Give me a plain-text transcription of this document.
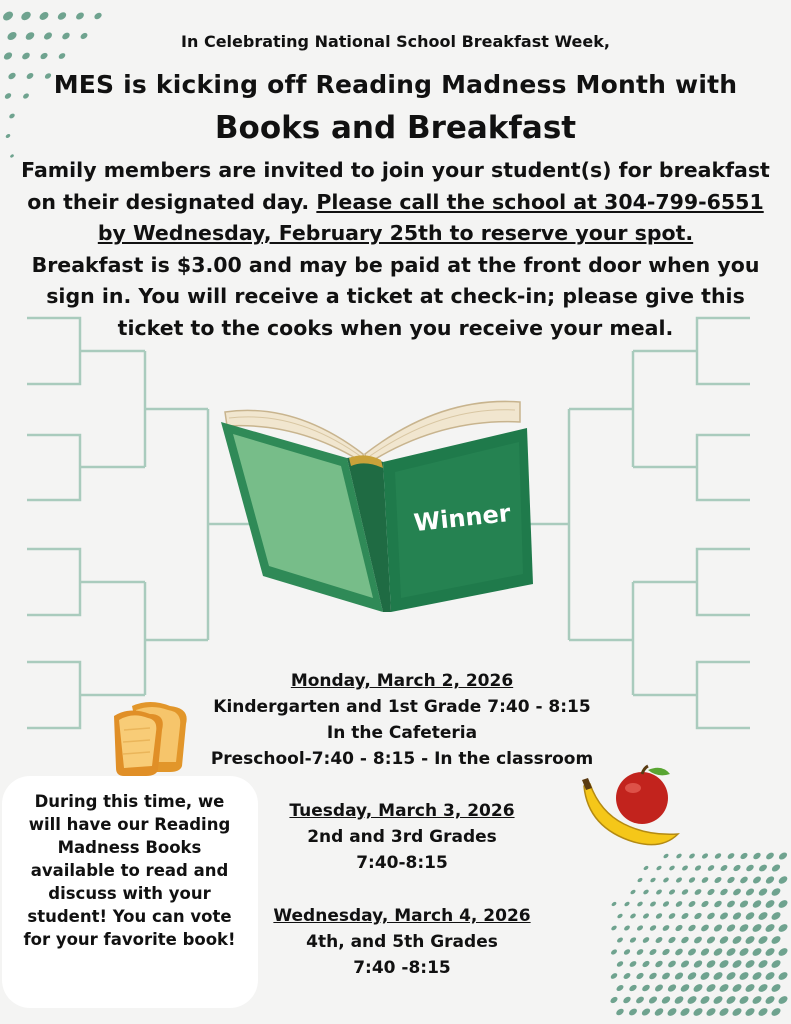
In Celebrating National School Breakfast Week,
MES is kicking off Reading Madness Month with
Books and Breakfast
Family members are invited to join your student(s) for breakfast on their designated day. Please call the school at 304-799-6551 by Wednesday, February 25th to reserve your spot.
Breakfast is $3.00 and may be paid at the front door when you sign in. You will receive a ticket at check-in; please give this ticket to the cooks when you receive your meal.
Winner
Monday, March 2, 2026
Kindergarten and 1st Grade 7:40 - 8:15
In the Cafeteria
Preschool-7:40 - 8:15 - In the classroom
Tuesday, March 3, 2026
2nd and 3rd Grades
7:40-8:15
Wednesday, March 4, 2026
4th, and 5th Grades
7:40 -8:15
During this time, we will have our Reading Madness Books available to read and discuss with your student! You can vote for your favorite book!
